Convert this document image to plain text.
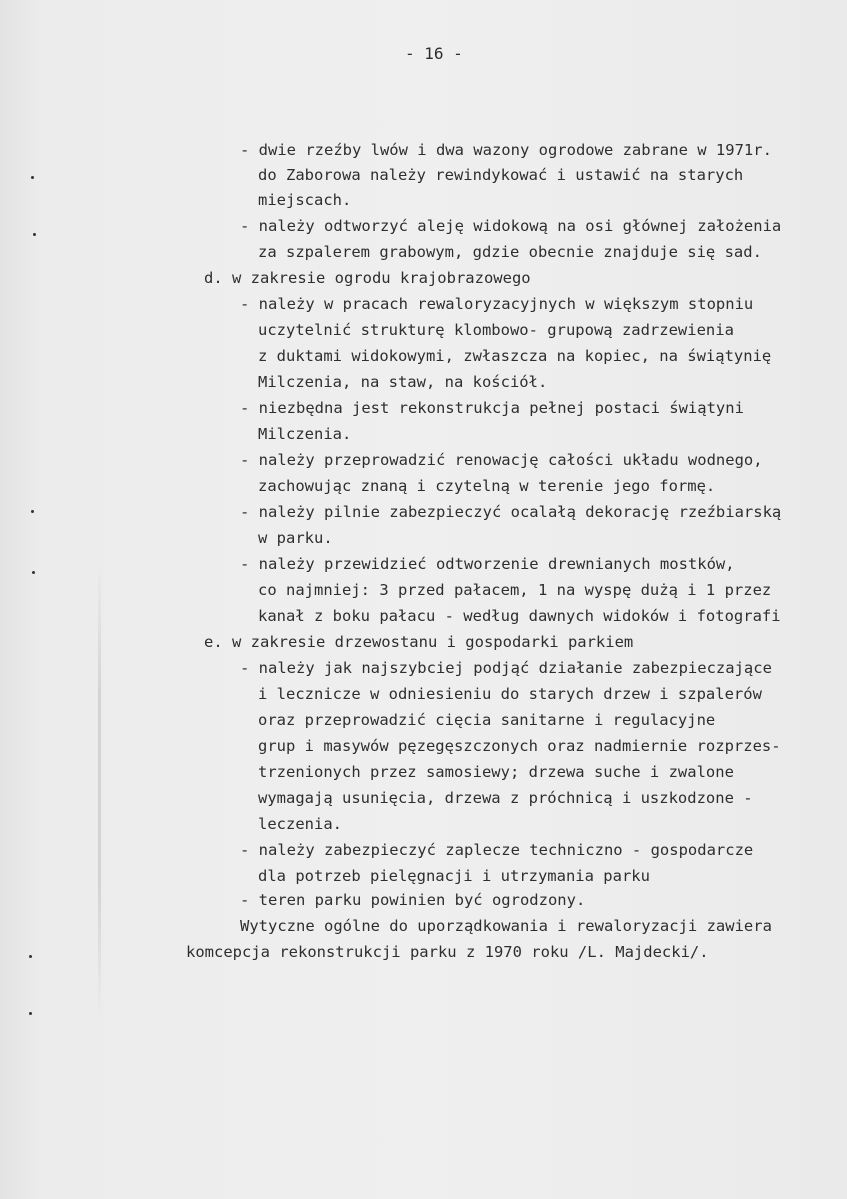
- 16 -
- dwie rzeźby lwów i dwa wazony ogrodowe zabrane w 1971r.
do Zaborowa należy rewindykować i ustawić na starych
miejscach.
- należy odtworzyć aleję widokową na osi głównej założenia
za szpalerem grabowym, gdzie obecnie znajduje się sad.
d. w zakresie ogrodu krajobrazowego
- należy w pracach rewaloryzacyjnych w większym stopniu
uczytelnić strukturę klombowo- grupową zadrzewienia
z duktami widokowymi, zwłaszcza na kopiec, na świątynię
Milczenia, na staw, na kościół.
- niezbędna jest rekonstrukcja pełnej postaci świątyni
Milczenia.
- należy przeprowadzić renowację całości układu wodnego,
zachowując znaną i czytelną w terenie jego formę.
- należy pilnie zabezpieczyć ocalałą dekorację rzeźbiarską
w parku.
- należy przewidzieć odtworzenie drewnianych mostków,
co najmniej: 3 przed pałacem, 1 na wyspę dużą i 1 przez
kanał z boku pałacu - według dawnych widoków i fotografi
e. w zakresie drzewostanu i gospodarki parkiem
- należy jak najszybciej podjąć działanie zabezpieczające
i lecznicze w odniesieniu do starych drzew i szpalerów
oraz przeprowadzić cięcia sanitarne i regulacyjne
grup i masywów pęzegęszczonych oraz nadmiernie rozprzes-
trzenionych przez samosiewy; drzewa suche i zwalone
wymagają usunięcia, drzewa z próchnicą i uszkodzone -
leczenia.
- należy zabezpieczyć zaplecze techniczno - gospodarcze
dla potrzeb pielęgnacji i utrzymania parku
- teren parku powinien być ogrodzony.
Wytyczne ogólne do uporządkowania i rewaloryzacji zawiera
komcepcja rekonstrukcji parku z 1970 roku /L. Majdecki/.
